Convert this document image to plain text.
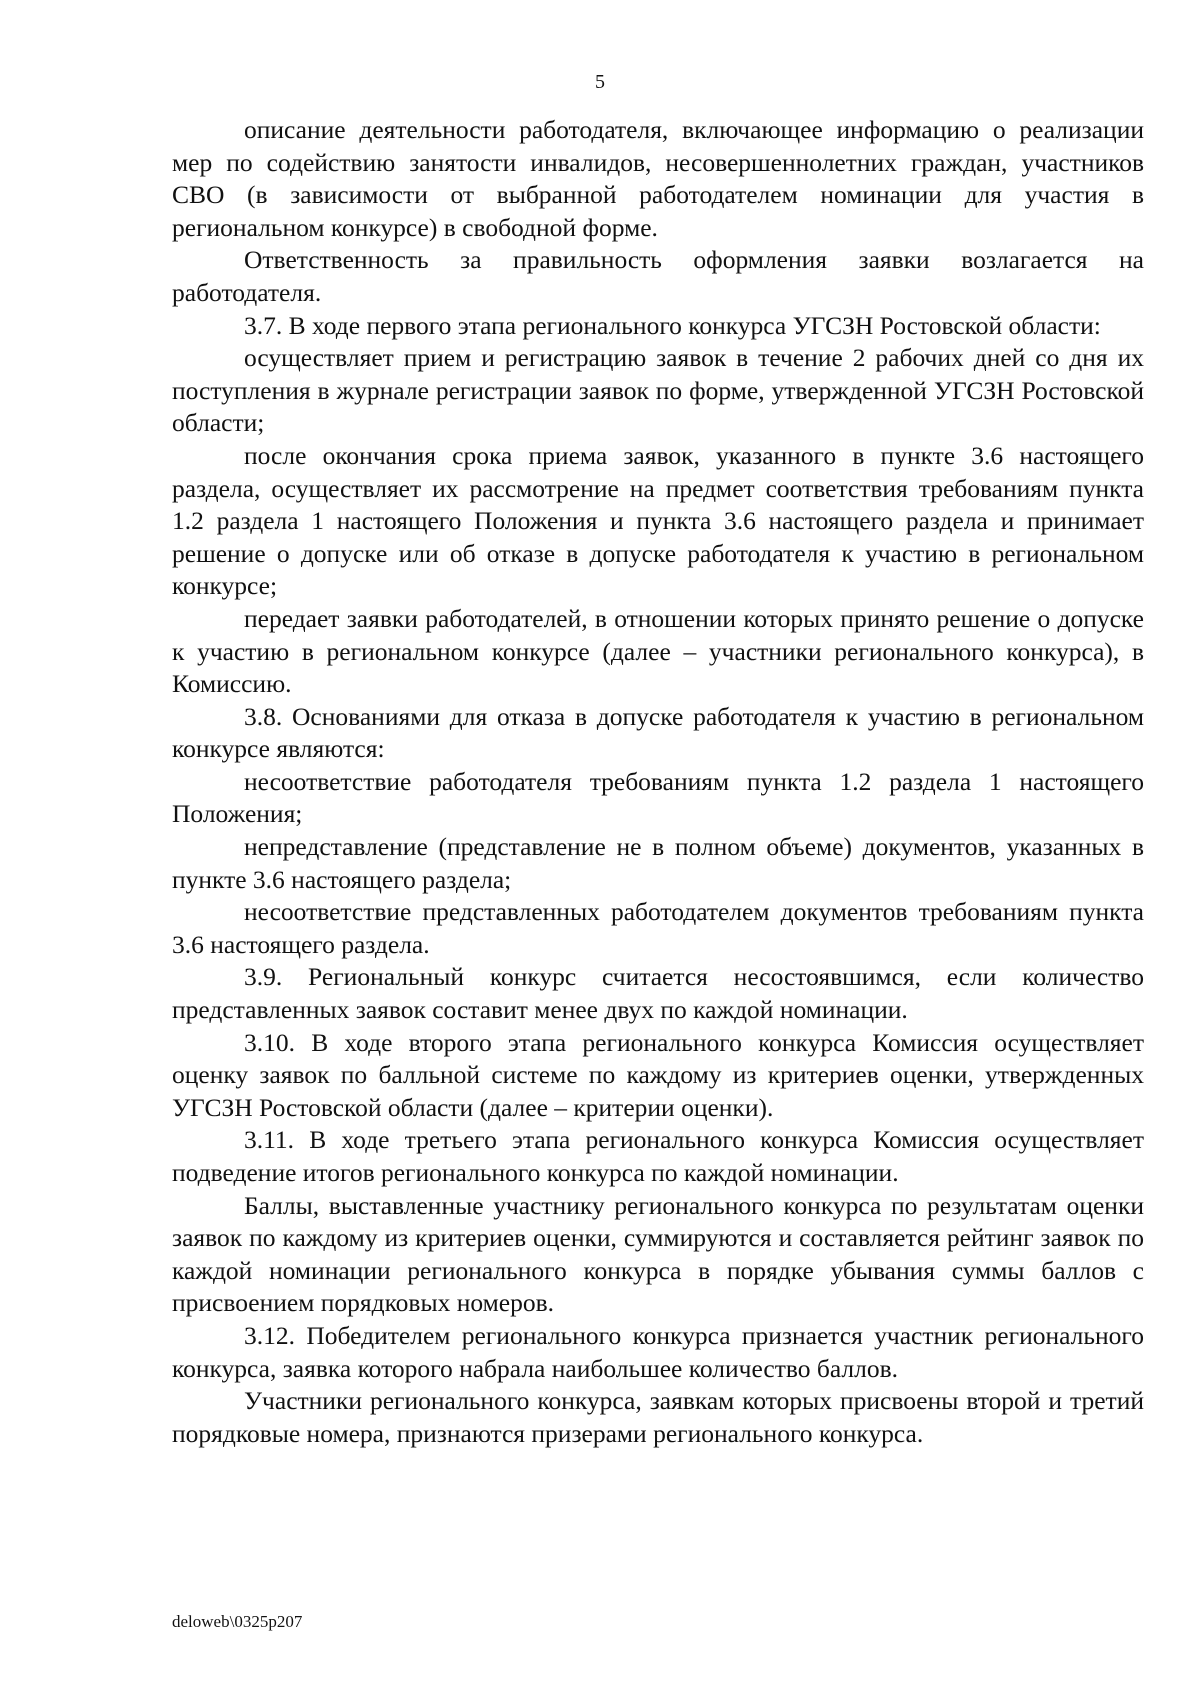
5

описание деятельности работодателя, включающее информацию о реализации мер по содействию занятости инвалидов, несовершеннолетних граждан, участников СВО (в зависимости от выбранной работодателем номинации для участия в региональном конкурсе) в свободной форме.

Ответственность за правильность оформления заявки возлагается на работодателя.

3.7. В ходе первого этапа регионального конкурса УГСЗН Ростовской области:

осуществляет прием и регистрацию заявок в течение 2 рабочих дней со дня их поступления в журнале регистрации заявок по форме, утвержденной УГСЗН Ростовской области;

после окончания срока приема заявок, указанного в пункте 3.6 настоящего раздела, осуществляет их рассмотрение на предмет соответствия требованиям пункта 1.2 раздела 1 настоящего Положения и пункта 3.6 настоящего раздела и принимает решение о допуске или об отказе в допуске работодателя к участию в региональном конкурсе;

передает заявки работодателей, в отношении которых принято решение о допуске к участию в региональном конкурсе (далее – участники регионального конкурса), в Комиссию.

3.8. Основаниями для отказа в допуске работодателя к участию в региональном конкурсе являются:

несоответствие работодателя требованиям пункта 1.2 раздела 1 настоящего Положения;

непредставление (представление не в полном объеме) документов, указанных в пункте 3.6 настоящего раздела;

несоответствие представленных работодателем документов требованиям пункта 3.6 настоящего раздела.

3.9. Региональный конкурс считается несостоявшимся, если количество представленных заявок составит менее двух по каждой номинации.

3.10. В ходе второго этапа регионального конкурса Комиссия осуществляет оценку заявок по балльной системе по каждому из критериев оценки, утвержденных УГСЗН Ростовской области (далее – критерии оценки).

3.11. В ходе третьего этапа регионального конкурса Комиссия осуществляет подведение итогов регионального конкурса по каждой номинации.

Баллы, выставленные участнику регионального конкурса по результатам оценки заявок по каждому из критериев оценки, суммируются и составляется рейтинг заявок по каждой номинации регионального конкурса в порядке убывания суммы баллов с присвоением порядковых номеров.

3.12. Победителем регионального конкурса признается участник регионального конкурса, заявка которого набрала наибольшее количество баллов.

Участники регионального конкурса, заявкам которых присвоены второй и третий порядковые номера, признаются призерами регионального конкурса.

deloweb\0325p207
